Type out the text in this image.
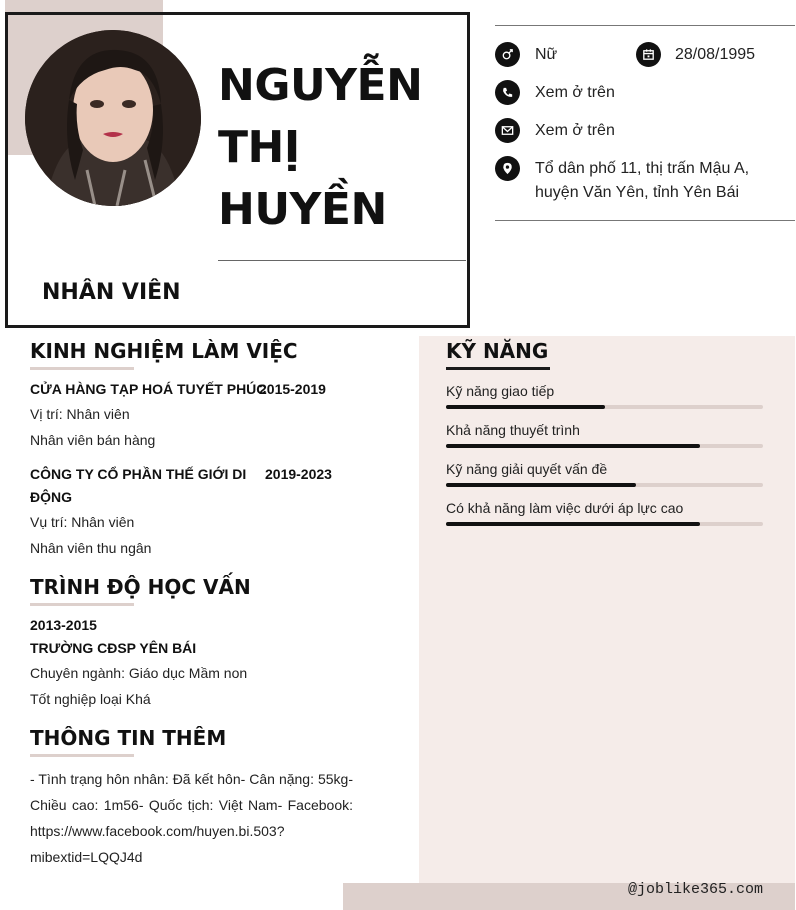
NGUYỄN
THỊ
HUYỀN
NHÂN VIÊN
Nữ	28/08/1995
Xem ở trên
Xem ở trên
Tổ dân phố 11, thị trấn Mậu A,
huyện Văn Yên, tỉnh Yên Bái
KINH NGHIỆM LÀM VIỆC
CỬA HÀNG TẠP HOÁ TUYẾT PHÚC
2015-2019
Vị trí: Nhân viên
Nhân viên bán hàng
CÔNG TY CỔ PHẦN THẾ GIỚI DI
ĐỘNG
2019-2023
Vụ trí: Nhân viên
Nhân viên thu ngân
TRÌNH ĐỘ HỌC VẤN
2013-2015
TRƯỜNG CĐSP YÊN BÁI
Chuyên ngành: Giáo dục Mầm non
Tốt nghiệp loại Khá
THÔNG TIN THÊM
- Tình trạng hôn nhân: Đã kết hôn- Cân nặng: 55kg- Chiều cao: 1m56- Quốc tịch: Việt Nam- Facebook: https://www.facebook.com/huyen.bi.503?mibextid=LQQJ4d
KỸ NĂNG
Kỹ năng giao tiếp
Khả năng thuyết trình
Kỹ năng giải quyết vấn đề
Có khả năng làm việc dưới áp lực cao
@joblike365.com
